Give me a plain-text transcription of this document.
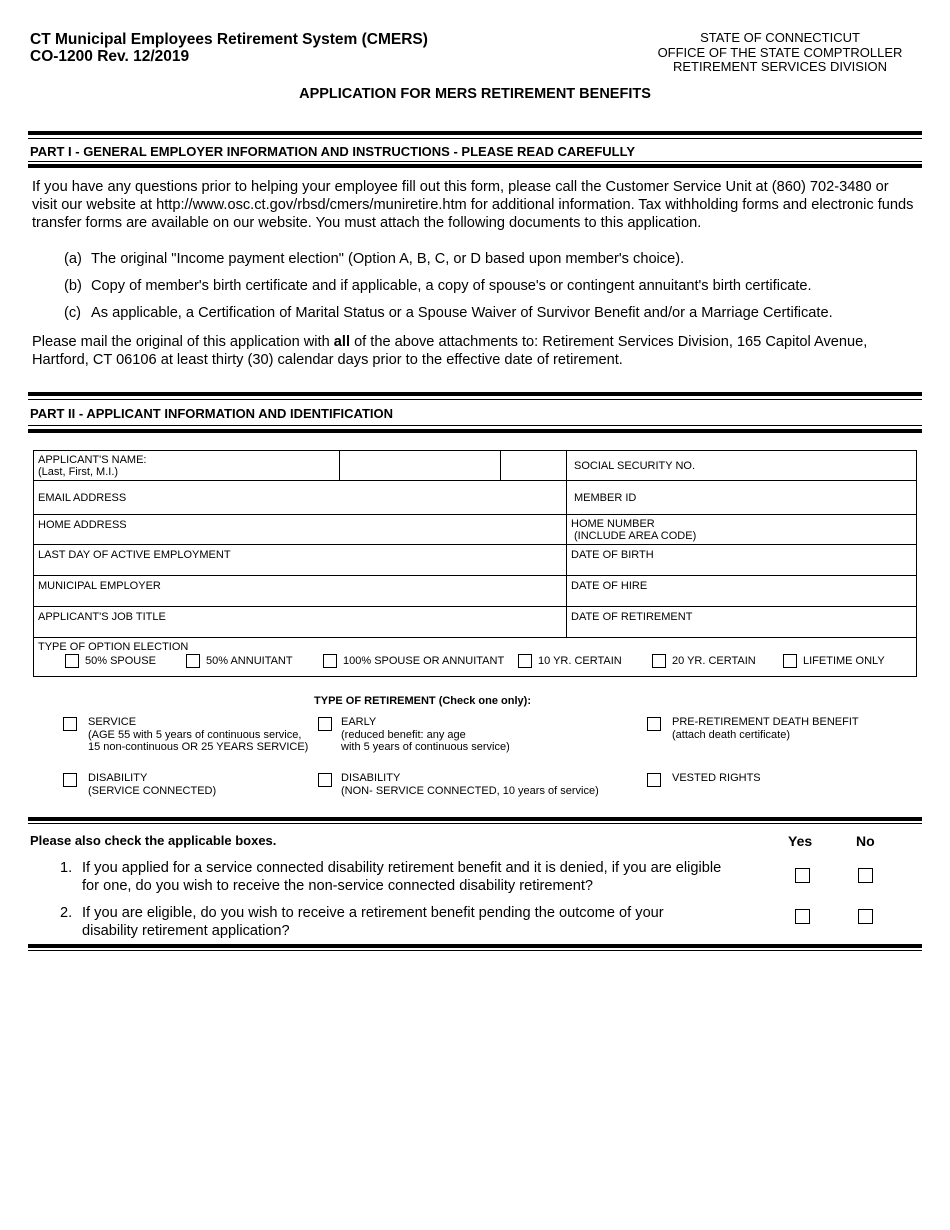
CT Municipal Employees Retirement System (CMERS)
CO-1200 Rev. 12/2019
STATE OF CONNECTICUT
OFFICE OF THE STATE COMPTROLLER
RETIREMENT SERVICES DIVISION
APPLICATION FOR MERS RETIREMENT BENEFITS
PART I - GENERAL EMPLOYER INFORMATION AND INSTRUCTIONS - PLEASE READ CAREFULLY
If you have any questions prior to helping your employee fill out this form, please call the Customer Service Unit at (860) 702-3480 or visit our website at http://www.osc.ct.gov/rbsd/cmers/muniretire.htm for additional information. Tax withholding forms and electronic funds transfer forms are available on our website. You must attach the following documents to this application.
(a) The original "Income payment election" (Option A, B, C, or D based upon member's choice).
(b) Copy of member's birth certificate and if applicable, a copy of spouse's or contingent annuitant's birth certificate.
(c) As applicable, a Certification of Marital Status or a Spouse Waiver of Survivor Benefit and/or a Marriage Certificate.
Please mail the original of this application with all of the above attachments to: Retirement Services Division, 165 Capitol Avenue, Hartford, CT 06106 at least thirty (30) calendar days prior to the effective date of retirement.
PART II - APPLICANT INFORMATION AND IDENTIFICATION
APPLICANT'S NAME:
(Last, First, M.I.)			SOCIAL SECURITY NO.
EMAIL ADDRESS			MEMBER ID
HOME ADDRESS			HOME NUMBER
(INCLUDE AREA CODE)

LAST DAY OF ACTIVE EMPLOYMENT			DATE OF BIRTH
MUNICIPAL EMPLOYER			DATE OF HIRE
APPLICANT'S JOB TITLE			DATE OF RETIREMENT
TYPE OF OPTION ELECTION			
50% SPOUSE	50% ANNUITANT	100% SPOUSE OR ANNUITANT	10 YR. CERTAIN	20 YR. CERTAIN	LIFETIME ONLY
TYPE OF RETIREMENT (Check one only):
SERVICE
(AGE 55 with 5 years of continuous service,
15 non-continuous OR 25 YEARS SERVICE)
EARLY
(reduced benefit: any age
with 5 years of continuous service)
PRE-RETIREMENT DEATH BENEFIT
(attach death certificate)
DISABILITY
(SERVICE CONNECTED)
DISABILITY
(NON- SERVICE CONNECTED, 10 years of service)
VESTED RIGHTS
Please also check the applicable boxes.	Yes	No
1. If you applied for a service connected disability retirement benefit and it is denied, if you are eligible for one, do you wish to receive the non-service connected disability retirement?
2. If you are eligible, do you wish to receive a retirement benefit pending the outcome of your disability retirement application?
